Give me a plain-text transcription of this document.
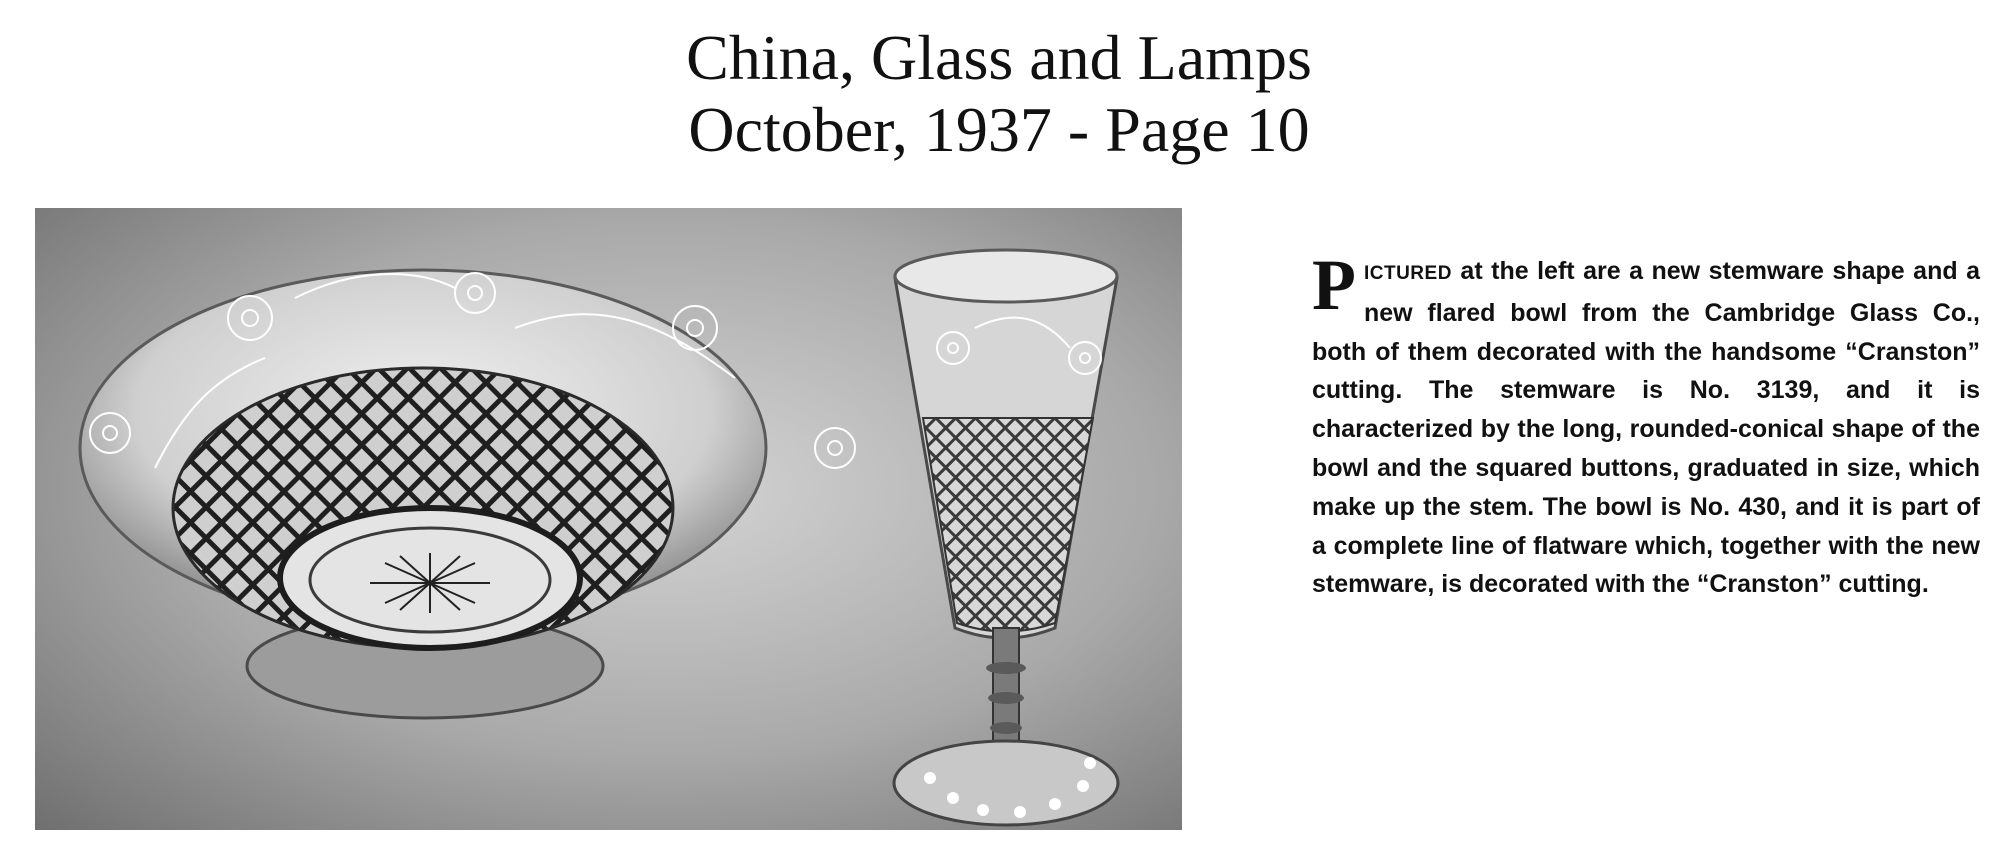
China, Glass and Lamps
October, 1937 - Page 10
PICTURED at the left are a new stemware shape and a new flared bowl from the Cambridge Glass Co., both of them decorated with the handsome “Cranston” cutting. The stemware is No. 3139, and it is characterized by the long, rounded-conical shape of the bowl and the squared buttons, graduated in size, which make up the stem. The bowl is No. 430, and it is part of a complete line of flatware which, together with the new stemware, is decorated with the “Cranston” cutting.
